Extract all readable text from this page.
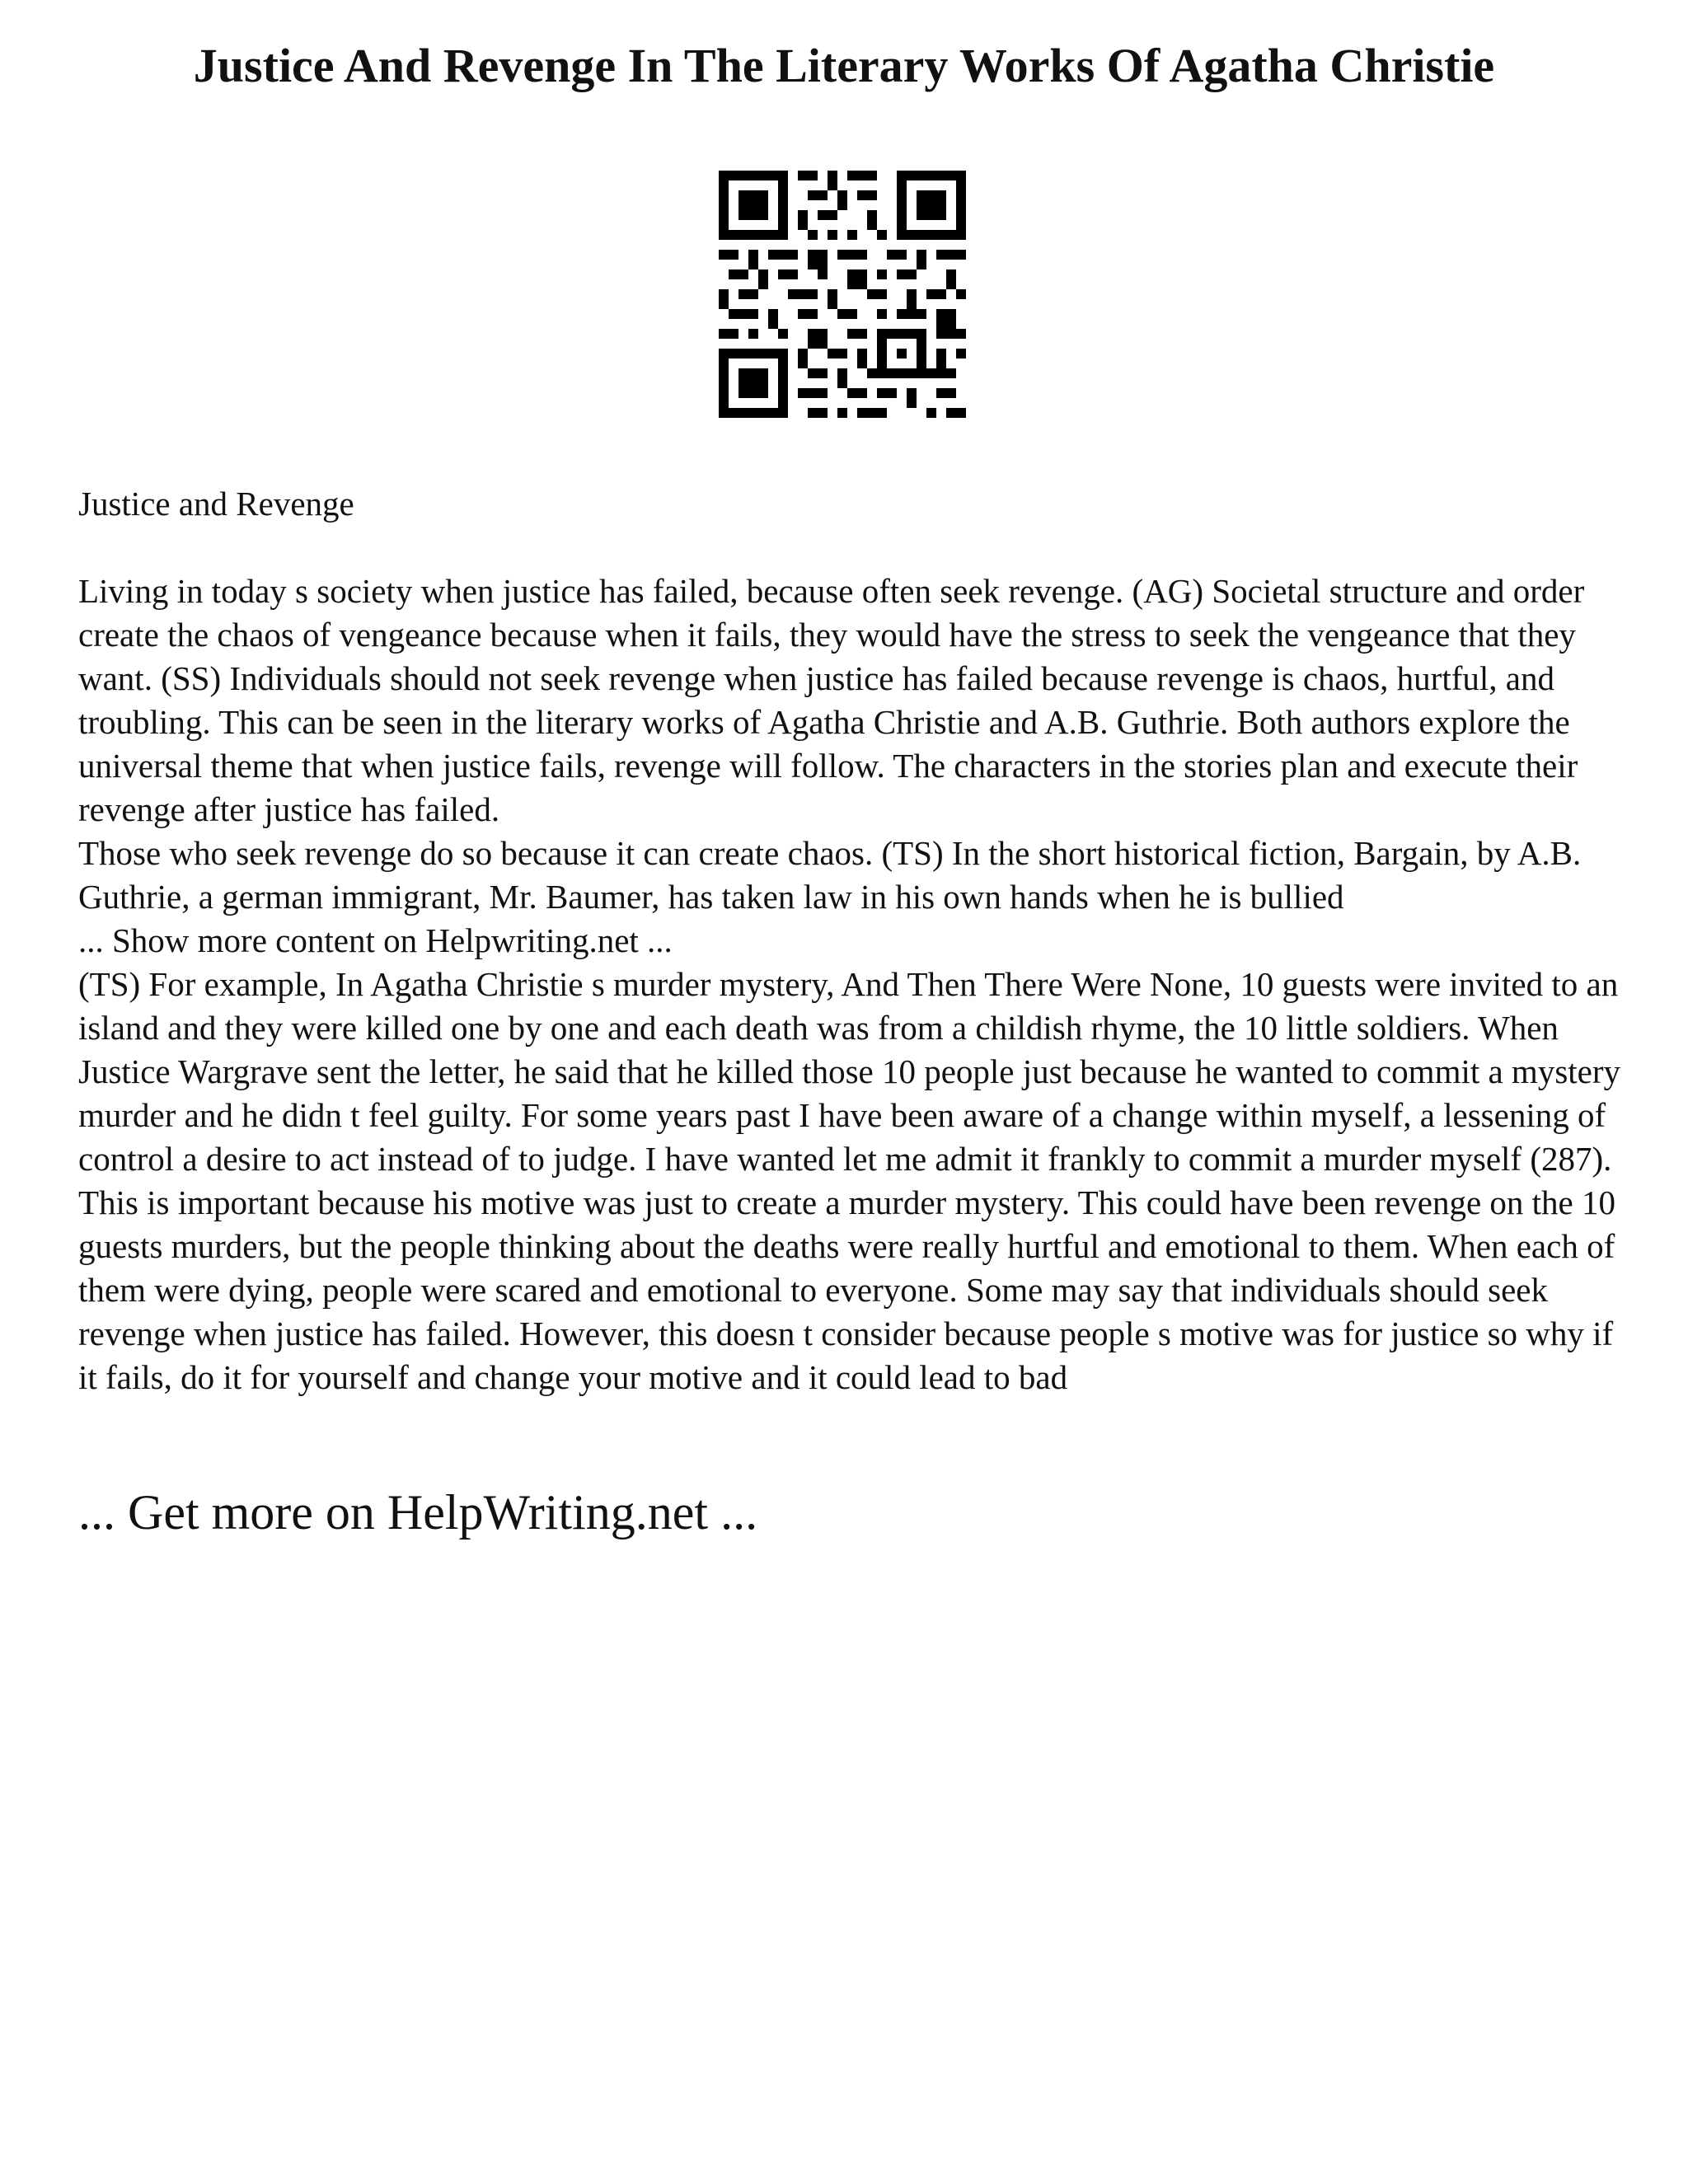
Justice And Revenge In The Literary Works Of Agatha Christie

Justice and Revenge

Living in today s society when justice has failed, because often seek revenge. (AG) Societal structure and order create the chaos of vengeance because when it fails, they would have the stress to seek the vengeance that they want. (SS) Individuals should not seek revenge when justice has failed because revenge is chaos, hurtful, and troubling. This can be seen in the literary works of Agatha Christie and A.B. Guthrie. Both authors explore the universal theme that when justice fails, revenge will follow. The characters in the stories plan and execute their revenge after justice has failed.

Those who seek revenge do so because it can create chaos. (TS) In the short historical fiction, Bargain, by A.B. Guthrie, a german immigrant, Mr. Baumer, has taken law in his own hands when he is bullied

... Show more content on Helpwriting.net ...

(TS) For example, In Agatha Christie s murder mystery, And Then There Were None, 10 guests were invited to an island and they were killed one by one and each death was from a childish rhyme, the 10 little soldiers. When Justice Wargrave sent the letter, he said that he killed those 10 people just because he wanted to commit a mystery murder and he didn t feel guilty. For some years past I have been aware of a change within myself, a lessening of control a desire to act instead of to judge. I have wanted let me admit it frankly to commit a murder myself (287). This is important because his motive was just to create a murder mystery. This could have been revenge on the 10 guests murders, but the people thinking about the deaths were really hurtful and emotional to them. When each of them were dying, people were scared and emotional to everyone. Some may say that individuals should seek revenge when justice has failed. However, this doesn t consider because people s motive was for justice so why if it fails, do it for yourself and change your motive and it could lead to bad

... Get more on HelpWriting.net ...
